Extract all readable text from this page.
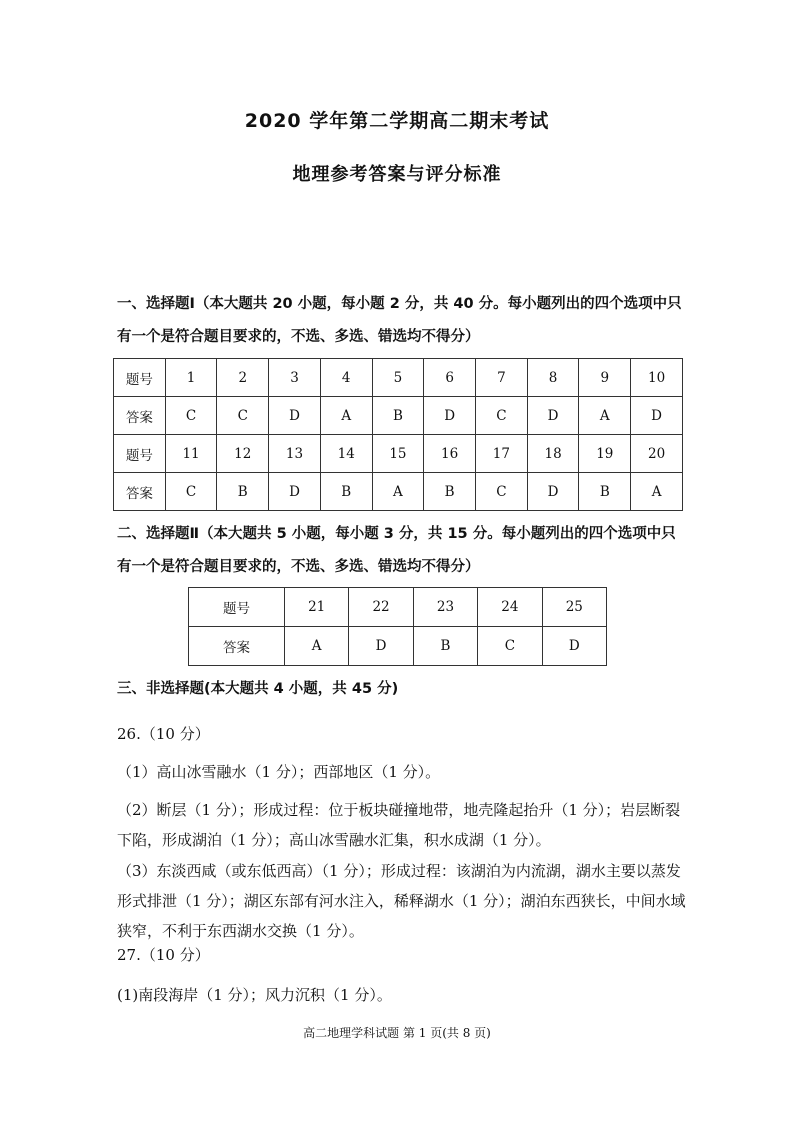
2020 学年第二学期高二期末考试
地理参考答案与评分标准
一、选择题Ⅰ（本大题共 20 小题，每小题 2 分，共 40 分。每小题列出的四个选项中只有一个是符合题目要求的，不选、多选、错选均不得分）
题号	1	2	3	4	5	6	7	8	9	10
答案	C	C	D	A	B	D	C	D	A	D
题号	11	12	13	14	15	16	17	18	19	20
答案	C	B	D	B	A	B	C	D	B	A
二、选择题Ⅱ（本大题共 5 小题，每小题 3 分，共 15 分。每小题列出的四个选项中只有一个是符合题目要求的，不选、多选、错选均不得分）
题号	21	22	23	24	25
答案	A	D	B	C	D
三、非选择题(本大题共 4 小题，共 45 分)
26.（10 分）
（1）高山冰雪融水（1 分）；西部地区（1 分）。
（2）断层（1 分）；形成过程：位于板块碰撞地带，地壳隆起抬升（1 分）；岩层断裂下陷，形成湖泊（1 分）；高山冰雪融水汇集，积水成湖（1 分）。
（3）东淡西咸（或东低西高）（1 分）；形成过程：该湖泊为内流湖，湖水主要以蒸发形式排泄（1 分）；湖区东部有河水注入，稀释湖水（1 分）；湖泊东西狭长，中间水域狭窄，不利于东西湖水交换（1 分）。
27.（10 分）
(1)南段海岸（1 分）；风力沉积（1 分）。
高二地理学科试题 第 1 页(共 8 页)
